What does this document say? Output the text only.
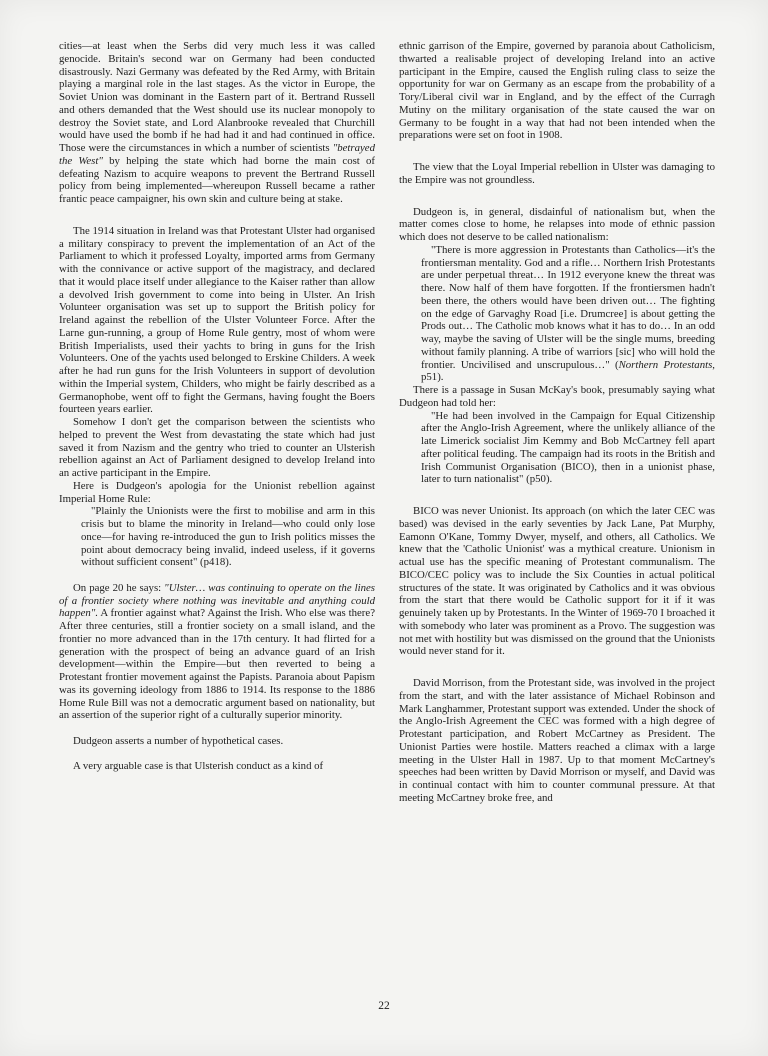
cities—at least when the Serbs did very much less it was called genocide. Britain's second war on Germany had been conducted disastrously. Nazi Germany was defeated by the Red Army, with Britain playing a marginal role in the last stages. As the victor in Europe, the Soviet Union was dominant in the Eastern part of it. Bertrand Russell and others demanded that the West should use its nuclear monopoly to destroy the Soviet state, and Lord Alanbrooke revealed that Churchill would have used the bomb if he had had it and had continued in office. Those were the circumstances in which a number of scientists "betrayed the West" by helping the state which had borne the main cost of defeating Nazism to acquire weapons to prevent the Bertrand Russell policy from being implemented—whereupon Russell became a rather frantic peace campaigner, his own skin and culture being at stake.

The 1914 situation in Ireland was that Protestant Ulster had organised a military conspiracy to prevent the implementation of an Act of the Parliament to which it professed Loyalty, imported arms from Germany with the connivance or active support of the magistracy, and declared that it would place itself under allegiance to the Kaiser rather than allow a devolved Irish government to come into being in Ulster. An Irish Volunteer organisation was set up to support the British policy for Ireland against the rebellion of the Ulster Volunteer Force. After the Larne gun-running, a group of Home Rule gentry, most of whom were British Imperialists, used their yachts to bring in guns for the Irish Volunteers. One of the yachts used belonged to Erskine Childers. A week after he had run guns for the Irish Volunteers in support of devolution within the Imperial system, Childers, who might be fairly described as a Germanophobe, went off to fight the Germans, having fought the Boers fourteen years earlier.

Somehow I don't get the comparison between the scientists who helped to prevent the West from devastating the state which had just saved it from Nazism and the gentry who tried to counter an Ulsterish rebellion against an Act of Parliament designed to develop Ireland into an active participant in the Empire.

Here is Dudgeon's apologia for the Unionist rebellion against Imperial Home Rule:

"Plainly the Unionists were the first to mobilise and arm in this crisis but to blame the minority in Ireland—who could only lose once—for having re-introduced the gun to Irish politics misses the point about democracy being invalid, indeed useless, if it governs without sufficient consent" (p418).

On page 20 he says: "Ulster… was continuing to operate on the lines of a frontier society where nothing was inevitable and anything could happen". A frontier against what? Against the Irish. Who else was there? After three centuries, still a frontier society on a small island, and the frontier no more advanced than in the 17th century. It had flirted for a generation with the prospect of being an advance guard of an Irish development—within the Empire—but then reverted to being a Protestant frontier movement against the Papists. Paranoia about Papism was its governing ideology from 1886 to 1914. Its response to the 1886 Home Rule Bill was not a democratic argument based on nationality, but an assertion of the superior right of a culturally superior minority.

Dudgeon asserts a number of hypothetical cases.

A very arguable case is that Ulsterish conduct as a kind of

ethnic garrison of the Empire, governed by paranoia about Catholicism, thwarted a realisable project of developing Ireland into an active participant in the Empire, caused the English ruling class to seize the opportunity for war on Germany as an escape from the probability of a Tory/Liberal civil war in England, and by the effect of the Curragh Mutiny on the military organisation of the state caused the war on Germany to be fought in a way that had not been intended when the preparations were set on foot in 1908.

The view that the Loyal Imperial rebellion in Ulster was damaging to the Empire was not groundless.

Dudgeon is, in general, disdainful of nationalism but, when the matter comes close to home, he relapses into mode of ethnic passion which does not deserve to be called nationalism:

"There is more aggression in Protestants than Catholics—it's the frontiersman mentality. God and a rifle… Northern Irish Protestants are under perpetual threat… In 1912 everyone knew the threat was there. Now half of them have forgotten. If the frontiersmen hadn't been there, the others would have been driven out… The fighting on the edge of Garvaghy Road [i.e. Drumcree] is about getting the Prods out… The Catholic mob knows what it has to do… In an odd way, maybe the saving of Ulster will be the single mums, breeding without family planning. A tribe of warriors [sic] who will hold the frontier. Uncivilised and unscrupulous…" (Northern Protestants, p51).

There is a passage in Susan McKay's book, presumably saying what Dudgeon had told her:

"He had been involved in the Campaign for Equal Citizenship after the Anglo-Irish Agreement, where the unlikely alliance of the late Limerick socialist Jim Kemmy and Bob McCartney fell apart after political feuding. The campaign had its roots in the British and Irish Communist Organisation (BICO), then in a unionist phase, later to turn nationalist" (p50).

BICO was never Unionist. Its approach (on which the later CEC was based) was devised in the early seventies by Jack Lane, Pat Murphy, Eamonn O'Kane, Tommy Dwyer, myself, and others, all Catholics. We knew that the 'Catholic Unionist' was a mythical creature. Unionism in actual use has the specific meaning of Protestant communalism. The BICO/CEC policy was to include the Six Counties in actual political structures of the state. It was originated by Catholics and it was obvious from the start that there would be Catholic support for it if it was genuinely taken up by Protestants. In the Winter of 1969-70 I broached it with somebody who later was prominent as a Provo. The suggestion was not met with hostility but was dismissed on the ground that the Unionists would never stand for it.

David Morrison, from the Protestant side, was involved in the project from the start, and with the later assistance of Michael Robinson and Mark Langhammer, Protestant support was extended. Under the shock of the Anglo-Irish Agreement the CEC was formed with a high degree of Protestant participation, and Robert McCartney as President. The Unionist Parties were hostile. Matters reached a climax with a large meeting in the Ulster Hall in 1987. Up to that moment McCartney's speeches had been written by David Morrison or myself, and David was in continual contact with him to counter communal pressure. At that meeting McCartney broke free, and

22
